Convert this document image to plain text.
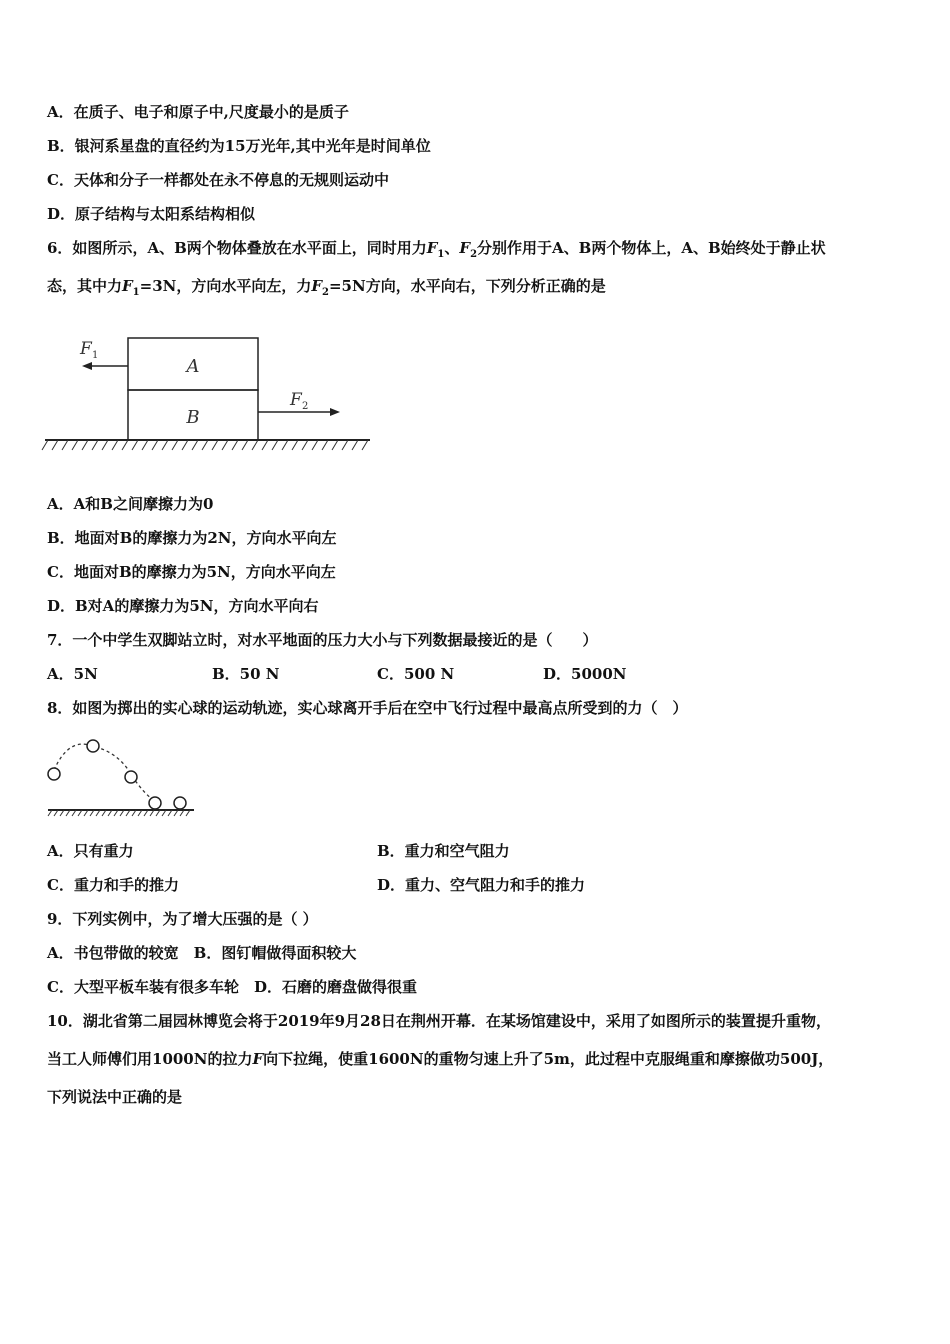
A．在质子、电子和原子中,尺度最小的是质子
B．银河系星盘的直径约为15万光年,其中光年是时间单位
C．天体和分子一样都处在永不停息的无规则运动中
D．原子结构与太阳系结构相似
6．如图所示，A、B两个物体叠放在水平面上，同时用力$F_1$、$F_2$分别作用于A、B两个物体上，A、B始终处于静止状
态，其中力$F_1=3N$，方向水平向左，力$F_2=5N$方向，水平向右，下列分析正确的是
A
B
F 1
F 2
A．A和B之间摩擦力为0
B．地面对B的摩擦力为2N，方向水平向左
C．地面对B的摩擦力为5N，方向水平向左
D．B对A的摩擦力为5N，方向水平向右
7．一个中学生双脚站立时，对水平地面的压力大小与下列数据最接近的是（　　）
A．5N	B．50 N	C．500 N	D．5000N
8．如图为掷出的实心球的运动轨迹，实心球离开手后在空中飞行过程中最高点所受到的力（　）
A．只有重力	B．重力和空气阻力
C．重力和手的推力	D．重力、空气阻力和手的推力
9．下列实例中，为了增大压强的是（ ）
A．书包带做的较宽　B．图钉帽做得面积较大
C．大型平板车装有很多车轮　D．石磨的磨盘做得很重
10．湖北省第二届园林博览会将于2019年9月28日在荆州开幕．在某场馆建设中，采用了如图所示的装置提升重物，
当工人师傅们用1000N的拉力F向下拉绳，使重1600N的重物匀速上升了5m，此过程中克服绳重和摩擦做功500J，
下列说法中正确的是
